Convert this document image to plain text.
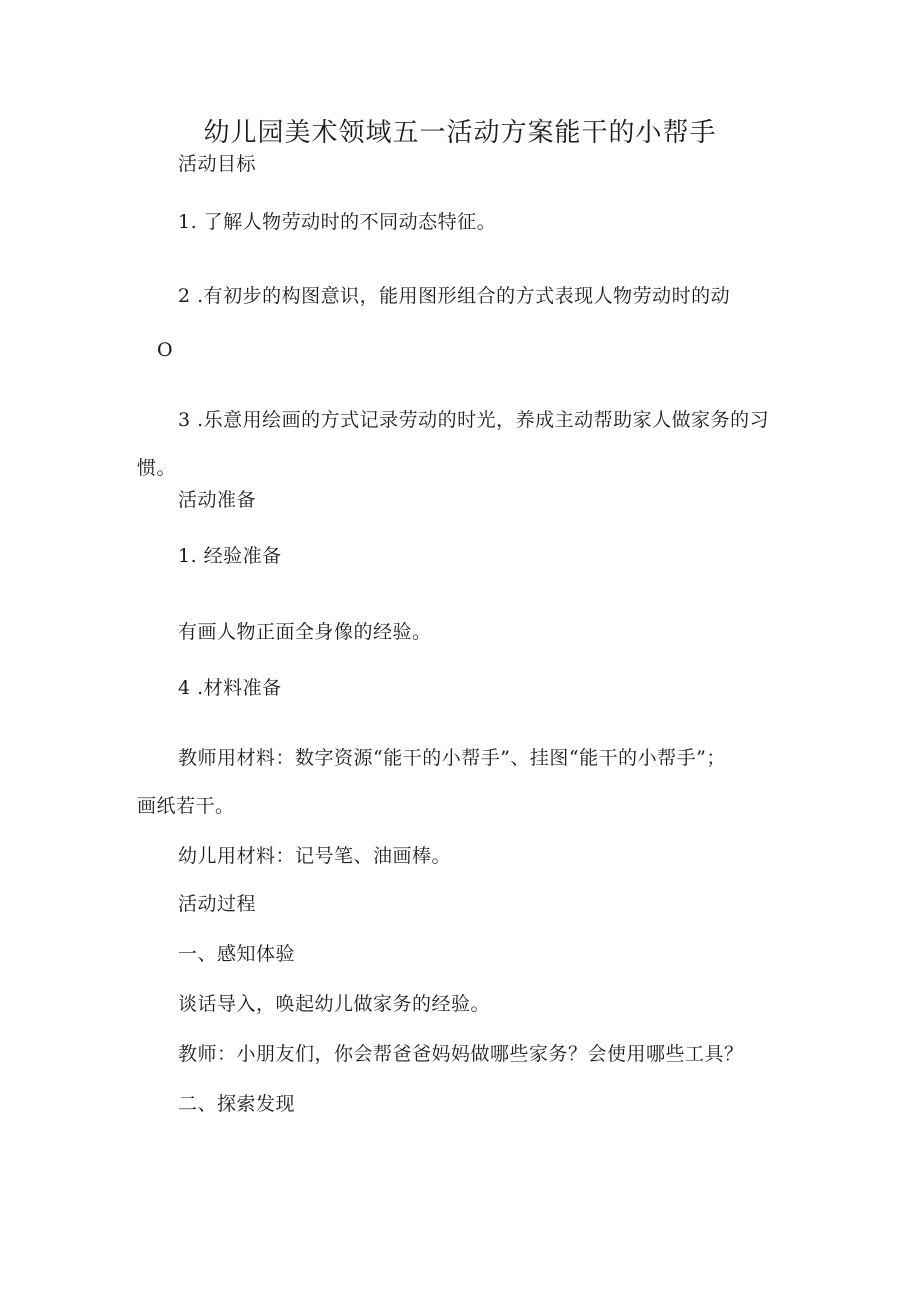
幼儿园美术领域五一活动方案能干的小帮手
活动目标
1. 了解人物劳动时的不同动态特征。
2 .有初步的构图意识，能用图形组合的方式表现人物劳动时的动
O
3 .乐意用绘画的方式记录劳动的时光，养成主动帮助家人做家务的习
惯。
活动准备
1. 经验准备
有画人物正面全身像的经验。
4 .材料准备
教师用材料：数字资源“能干的小帮手”、挂图“能干的小帮手”；
画纸若干。
幼儿用材料：记号笔、油画棒。
活动过程
一、感知体验
谈话导入，唤起幼儿做家务的经验。
教师：小朋友们，你会帮爸爸妈妈做哪些家务？会使用哪些工具？
二、探索发现
